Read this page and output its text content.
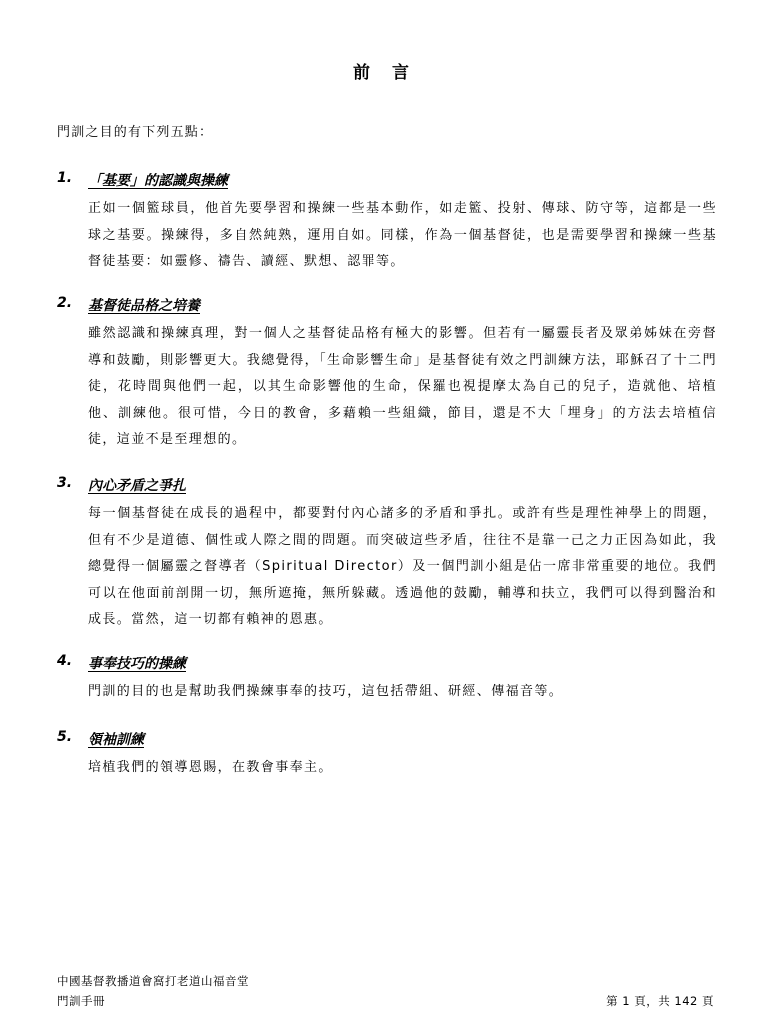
前 言
門訓之目的有下列五點：
1. 「基要」的認識與操練
正如一個籃球員，他首先要學習和操練一些基本動作，如走籃、投射、傳球、防守等，這都是一些球之基要。操練得，多自然純熟，運用自如。同樣，作為一個基督徒，也是需要學習和操練一些基督徒基要：如靈修、禱告、讀經、默想、認罪等。
2. 基督徒品格之培養
雖然認識和操練真理，對一個人之基督徒品格有極大的影響。但若有一屬靈長者及眾弟姊妹在旁督導和鼓勵，則影響更大。我總覺得，「生命影響生命」是基督徒有效之門訓練方法，耶穌召了十二門徒，花時間與他們一起，以其生命影響他的生命，保羅也視提摩太為自己的兒子，造就他、培植他、訓練他。很可惜，今日的教會，多藉賴一些組織，節目，還是不大「埋身」的方法去培植信徒，這並不是至理想的。
3. 內心矛盾之爭扎
每一個基督徒在成長的過程中，都要對付內心諸多的矛盾和爭扎。或許有些是理性神學上的問題，但有不少是道德、個性或人際之間的問題。而突破這些矛盾，往往不是靠一己之力正因為如此，我總覺得一個屬靈之督導者（Spiritual Director）及一個門訓小組是佔一席非常重要的地位。我們可以在他面前剖開一切，無所遮掩，無所躲藏。透過他的鼓勵，輔導和扶立，我們可以得到醫治和成長。當然，這一切都有賴神的恩惠。
4. 事奉技巧的操練
門訓的目的也是幫助我們操練事奉的技巧，這包括帶組、研經、傳福音等。
5. 領袖訓練
培植我們的領導恩賜，在教會事奉主。
中國基督教播道會窩打老道山福音堂
門訓手冊	第 1 頁，共 142 頁
